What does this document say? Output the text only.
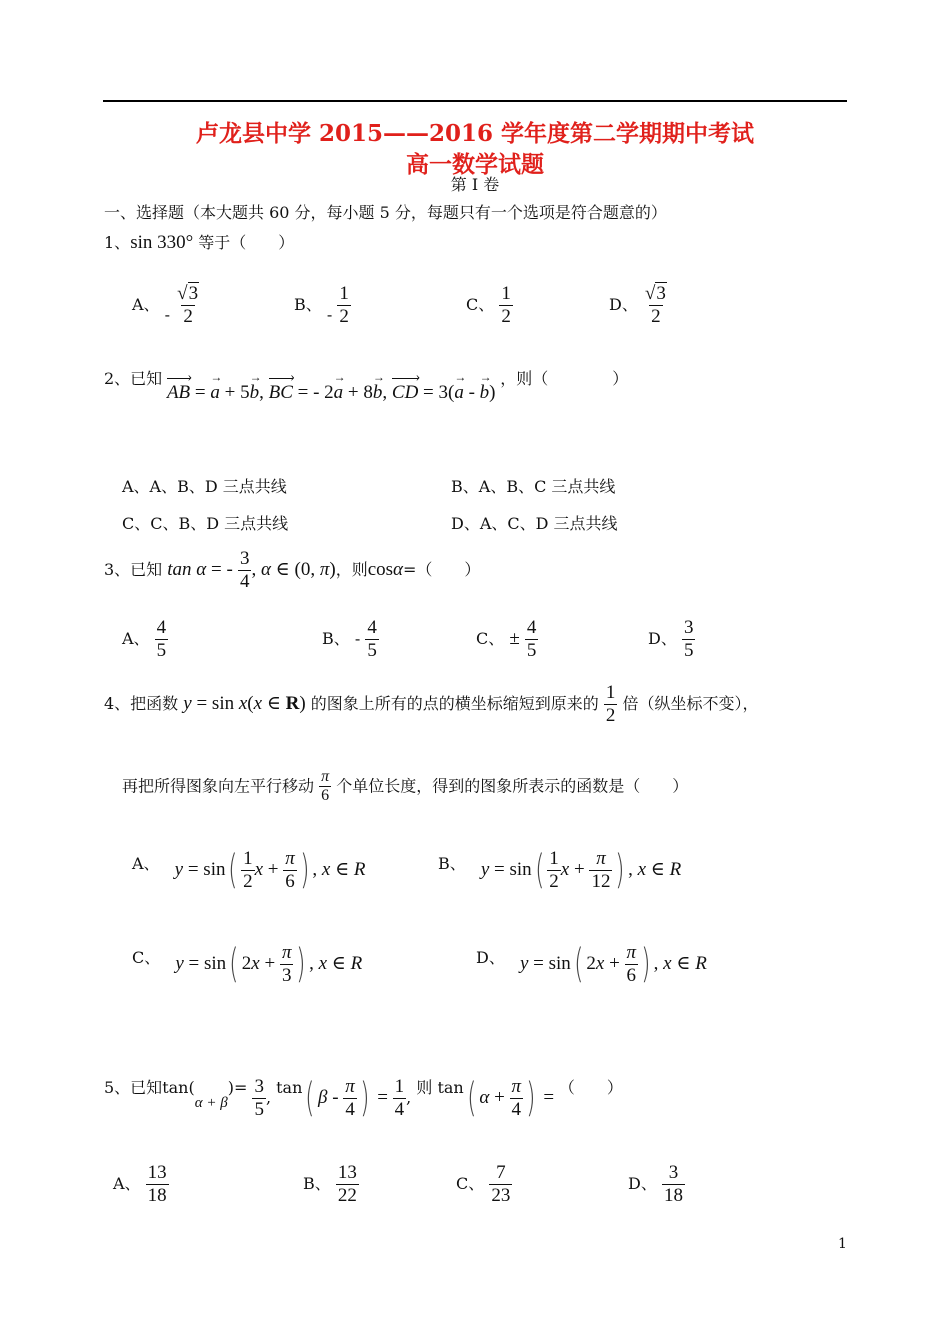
卢龙县中学 2015——2016 学年度第二学期期中考试
高一数学试题
第 I 卷
一、选择题（本大题共 60 分，每小题 5 分，每题只有一个选项是符合题意的）
1、sin 330° 等于（　　）
A、 - $\frac{√3}{2}$	B、 - $\frac{1}{2}$	C、 $\frac{1}{2}$	D、 $\frac{√3}{2}$
2、已知 AB › = → a + 5→ b, BC › = - 2→ a + 8→ b, CD › = 3(→ a - → b) ，则（　　　　）
A、A、B、D 三点共线	B、A、B、C 三点共线
C、C、B、D 三点共线	D、A、C、D 三点共线
3、已知 tan α = - $\frac{3}{4}$ , α ∈ (0, π)，则cosα=（　　）
A、 $\frac{4}{5}$	B、 - $\frac{4}{5}$	C、 ± $\frac{4}{5}$	D、 $\frac{3}{5}$
4、把函数 y = sin x(x ∈ R) 的图象上所有的点的横坐标缩短到原来的 $\frac{1}{2}$ 倍（纵坐标不变），
再把所得图象向左平行移动 $\frac{\pi}{6}$ 个单位长度，得到的图象所表示的函数是（　　）
A、 $y = \sin( \frac{1}{2}$ $x + \frac{\pi}{6}$ ) , x ∈ R	B、 $y = \sin( \frac{1}{2}$ $x + \frac{\pi}{12}$ ) , x ∈ R
C、 y = sin( $2x + \frac{\pi}{3}$ ) , x ∈ R	D、 y = sin( $2x + \frac{\pi}{6}$ ) , x ∈ R
5、已知$\tan(\alpha + \beta)= \frac{3}{5}$ , tan( β - $\frac{\pi}{4}$ ) = $\frac{1}{4}$ , 则 tan( $\alpha + \frac{\pi}{4}$ ) = （　　）
A、 $\frac{13}{18}$	B、 $\frac{13}{22}$	C、 $\frac{7}{23}$	D、 $\frac{3}{18}$
1
